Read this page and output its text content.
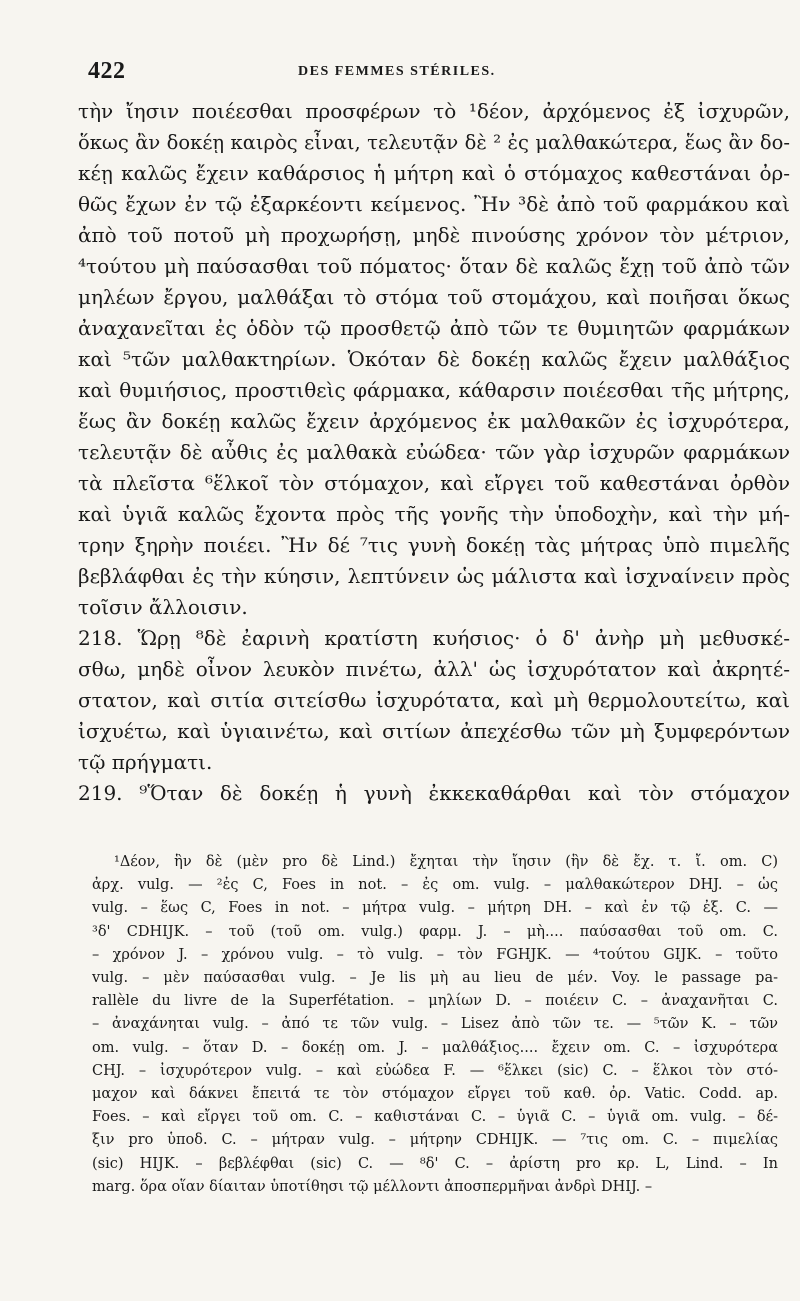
422	DES FEMMES STÉRILES.
τὴν ἴησιν ποιέεσθαι προσφέρων τὸ ¹δέον, ἀρχόμενος ἐξ ἰσχυρῶν,
ὅκως ἂν δοκέῃ καιρὸς εἶναι, τελευτᾷν δὲ ² ἐς μαλθακώτερα, ἕως ἂν δο-
κέῃ καλῶς ἔχειν καθάρσιος ἡ μήτρη καὶ ὁ στόμαχος καθεστάναι ὀρ-
θῶς ἔχων ἐν τῷ ἐξαρκέοντι κείμενος. Ἢν ³δὲ ἀπὸ τοῦ φαρμάκου καὶ
ἀπὸ τοῦ ποτοῦ μὴ προχωρήσῃ, μηδὲ πινούσης χρόνον τὸν μέτριον,
⁴τούτου μὴ παύσασθαι τοῦ πόματος· ὅταν δὲ καλῶς ἔχῃ τοῦ ἀπὸ τῶν
μηλέων ἔργου, μαλθάξαι τὸ στόμα τοῦ στομάχου, καὶ ποιῆσαι ὅκως
ἀναχανεῖται ἐς ὁδὸν τῷ προσθετῷ ἀπὸ τῶν τε θυμιητῶν φαρμάκων
καὶ ⁵τῶν μαλθακτηρίων. Ὁκόταν δὲ δοκέῃ καλῶς ἔχειν μαλθάξιος
καὶ θυμιήσιος, προστιθεὶς φάρμακα, κάθαρσιν ποιέεσθαι τῆς μήτρης,
ἕως ἂν δοκέῃ καλῶς ἔχειν ἀρχόμενος ἐκ μαλθακῶν ἐς ἰσχυρότερα,
τελευτᾷν δὲ αὖθις ἐς μαλθακὰ εὐώδεα· τῶν γὰρ ἰσχυρῶν φαρμάκων
τὰ πλεῖστα ⁶ἕλκοῖ τὸν στόμαχον, καὶ εἴργει τοῦ καθεστάναι ὀρθὸν
καὶ ὑγιᾶ καλῶς ἔχοντα πρὸς τῆς γονῆς τὴν ὑποδοχὴν, καὶ τὴν μή-
τρην ξηρὴν ποιέει. Ἢν δέ ⁷τις γυνὴ δοκέῃ τὰς μήτρας ὑπὸ πιμελῆς
βεβλάφθαι ἐς τὴν κύησιν, λεπτύνειν ὡς μάλιστα καὶ ἰσχναίνειν πρὸς
τοῖσιν ἄλλοισιν.
218. Ὥρῃ ⁸δὲ ἐαρινὴ κρατίστη κυήσιος· ὁ δ' ἀνὴρ μὴ μεθυσκέ-
σθω, μηδὲ οἶνον λευκὸν πινέτω, ἀλλ' ὡς ἰσχυρότατον καὶ ἀκρητέ-
στατον, καὶ σιτία σιτείσθω ἰσχυρότατα, καὶ μὴ θερμολουτείτω, καὶ
ἰσχυέτω, καὶ ὑγιαινέτω, καὶ σιτίων ἀπεχέσθω τῶν μὴ ξυμφερόντων
τῷ πρήγματι.
219. ⁹Ὅταν δὲ δοκέῃ ἡ γυνὴ ἐκκεκαθάρθαι καὶ τὸν στόμαχον
¹Δέον, ἣν δὲ (μὲν pro δὲ Lind.) ἔχηται τὴν ἴησιν (ἣν δὲ ἔχ. τ. ἴ. om. C)
ἀρχ. vulg. — ²ἐς C, Foes in not. – ἐς om. vulg. – μαλθακώτερον DHJ. – ὡς
vulg. – ἕως C, Foes in not. – μήτρα vulg. – μήτρη DH. – καὶ ἐν τῷ ἐξ. C. —
³δ' CDHIJK. – τοῦ (τοῦ om. vulg.) φαρμ. J. – μὴ.... παύσασθαι τοῦ om. C.
– χρόνον J. – χρόνου vulg. – τὸ vulg. – τὸν FGHJK. — ⁴τούτου GIJK. – τοῦτο
vulg. – μὲν παύσασθαι vulg. – Je lis μὴ au lieu de μέν. Voy. le passage pa-
rallèle du livre de la Superfétation. – μηλίων D. – ποιέειν C. – ἀναχανῆται C.
– ἀναχάνηται vulg. – ἀπό τε τῶν vulg. – Lisez ἀπὸ τῶν τε. — ⁵τῶν K. – τῶν
om. vulg. – ὅταν D. – δοκέῃ om. J. – μαλθάξιος.... ἔχειν om. C. – ἰσχυρότερα
CHJ. – ἰσχυρότερον vulg. – καὶ εὐώδεα F. — ⁶ἕλκει (sic) C. – ἕλκοι τὸν στό-
μαχον καὶ δάκνει ἔπειτά τε τὸν στόμαχον εἴργει τοῦ καθ. ὀρ. Vatic. Codd. ap.
Foes. – καὶ εἴργει τοῦ om. C. – καθιστάναι C. – ὑγιᾶ C. – ὑγιᾶ om. vulg. – δέ-
ξιν pro ὑποδ. C. – μήτραν vulg. – μήτρην CDHIJK. — ⁷τις om. C. – πιμελίας
(sic) HIJK. – βεβλέφθαι (sic) C. — ⁸δ' C. – ἀρίστη pro κρ. L, Lind. – In
marg. ὅρα οἵαν δίαιταν ὑποτίθησι τῷ μέλλοντι ἀποσπερμῆναι ἀνδρὶ DHIJ. –
